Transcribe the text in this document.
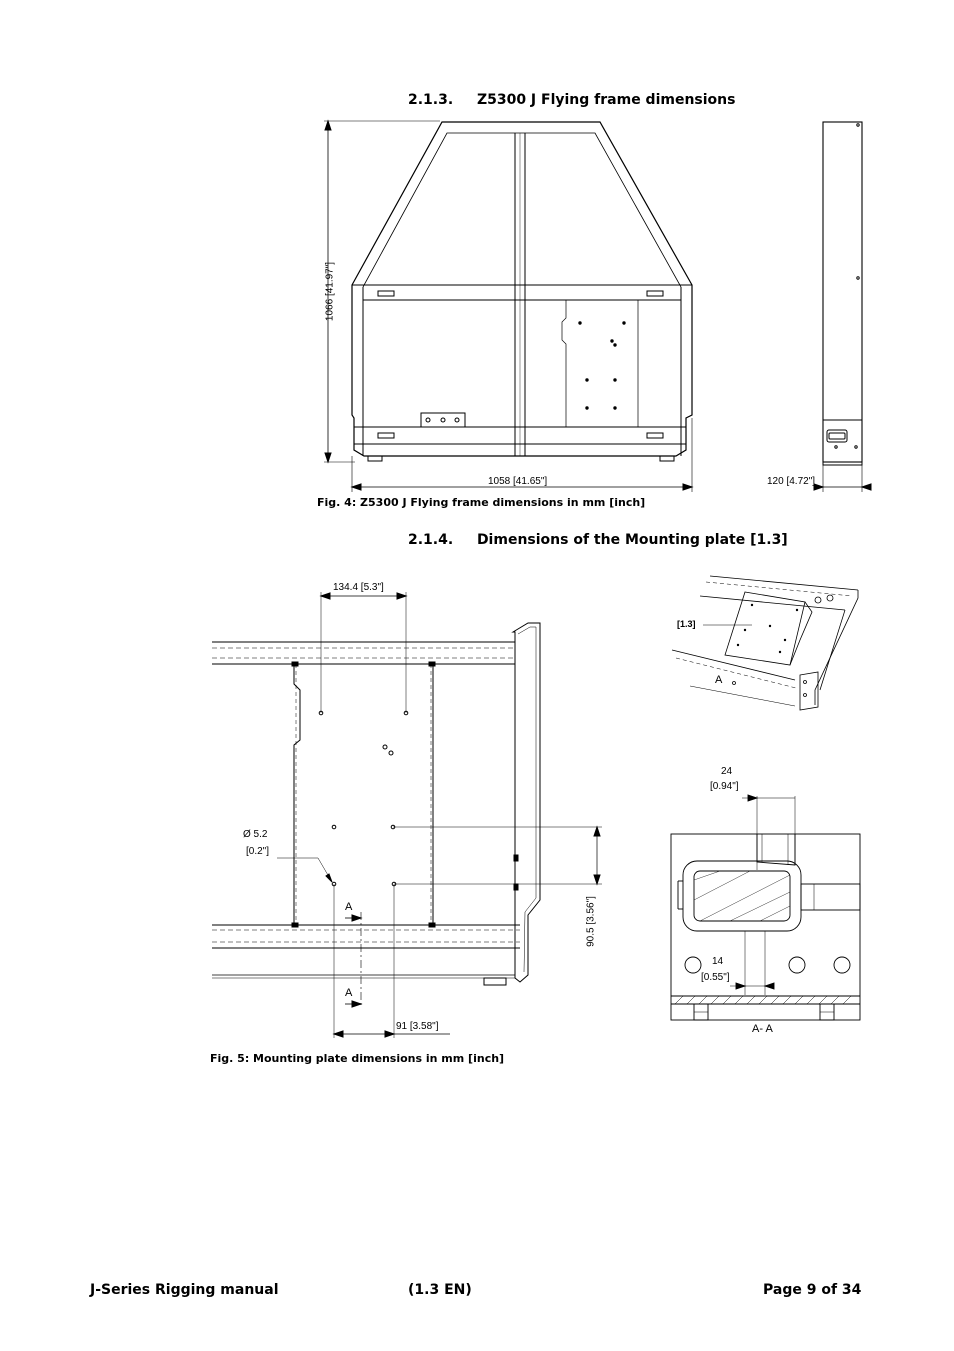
2.1.3. Z5300 J Flying frame dimensions
1066 [41.97"]
1058 [41.65"]	120 [4.72"]
Fig. 4: Z5300 J Flying frame dimensions in mm [inch]
2.1.4. Dimensions of the Mounting plate [1.3]
134.4 [5.3"]
Ø 5.2
[0.2"]
90.5 [3.56"]
91 [3.58"]
A
A
[1.3]
A
24
[0.94"]
14
[0.55"]
A- A
Fig. 5: Mounting plate dimensions in mm [inch]
J-Series Rigging manual	(1.3 EN)	Page 9 of 34
